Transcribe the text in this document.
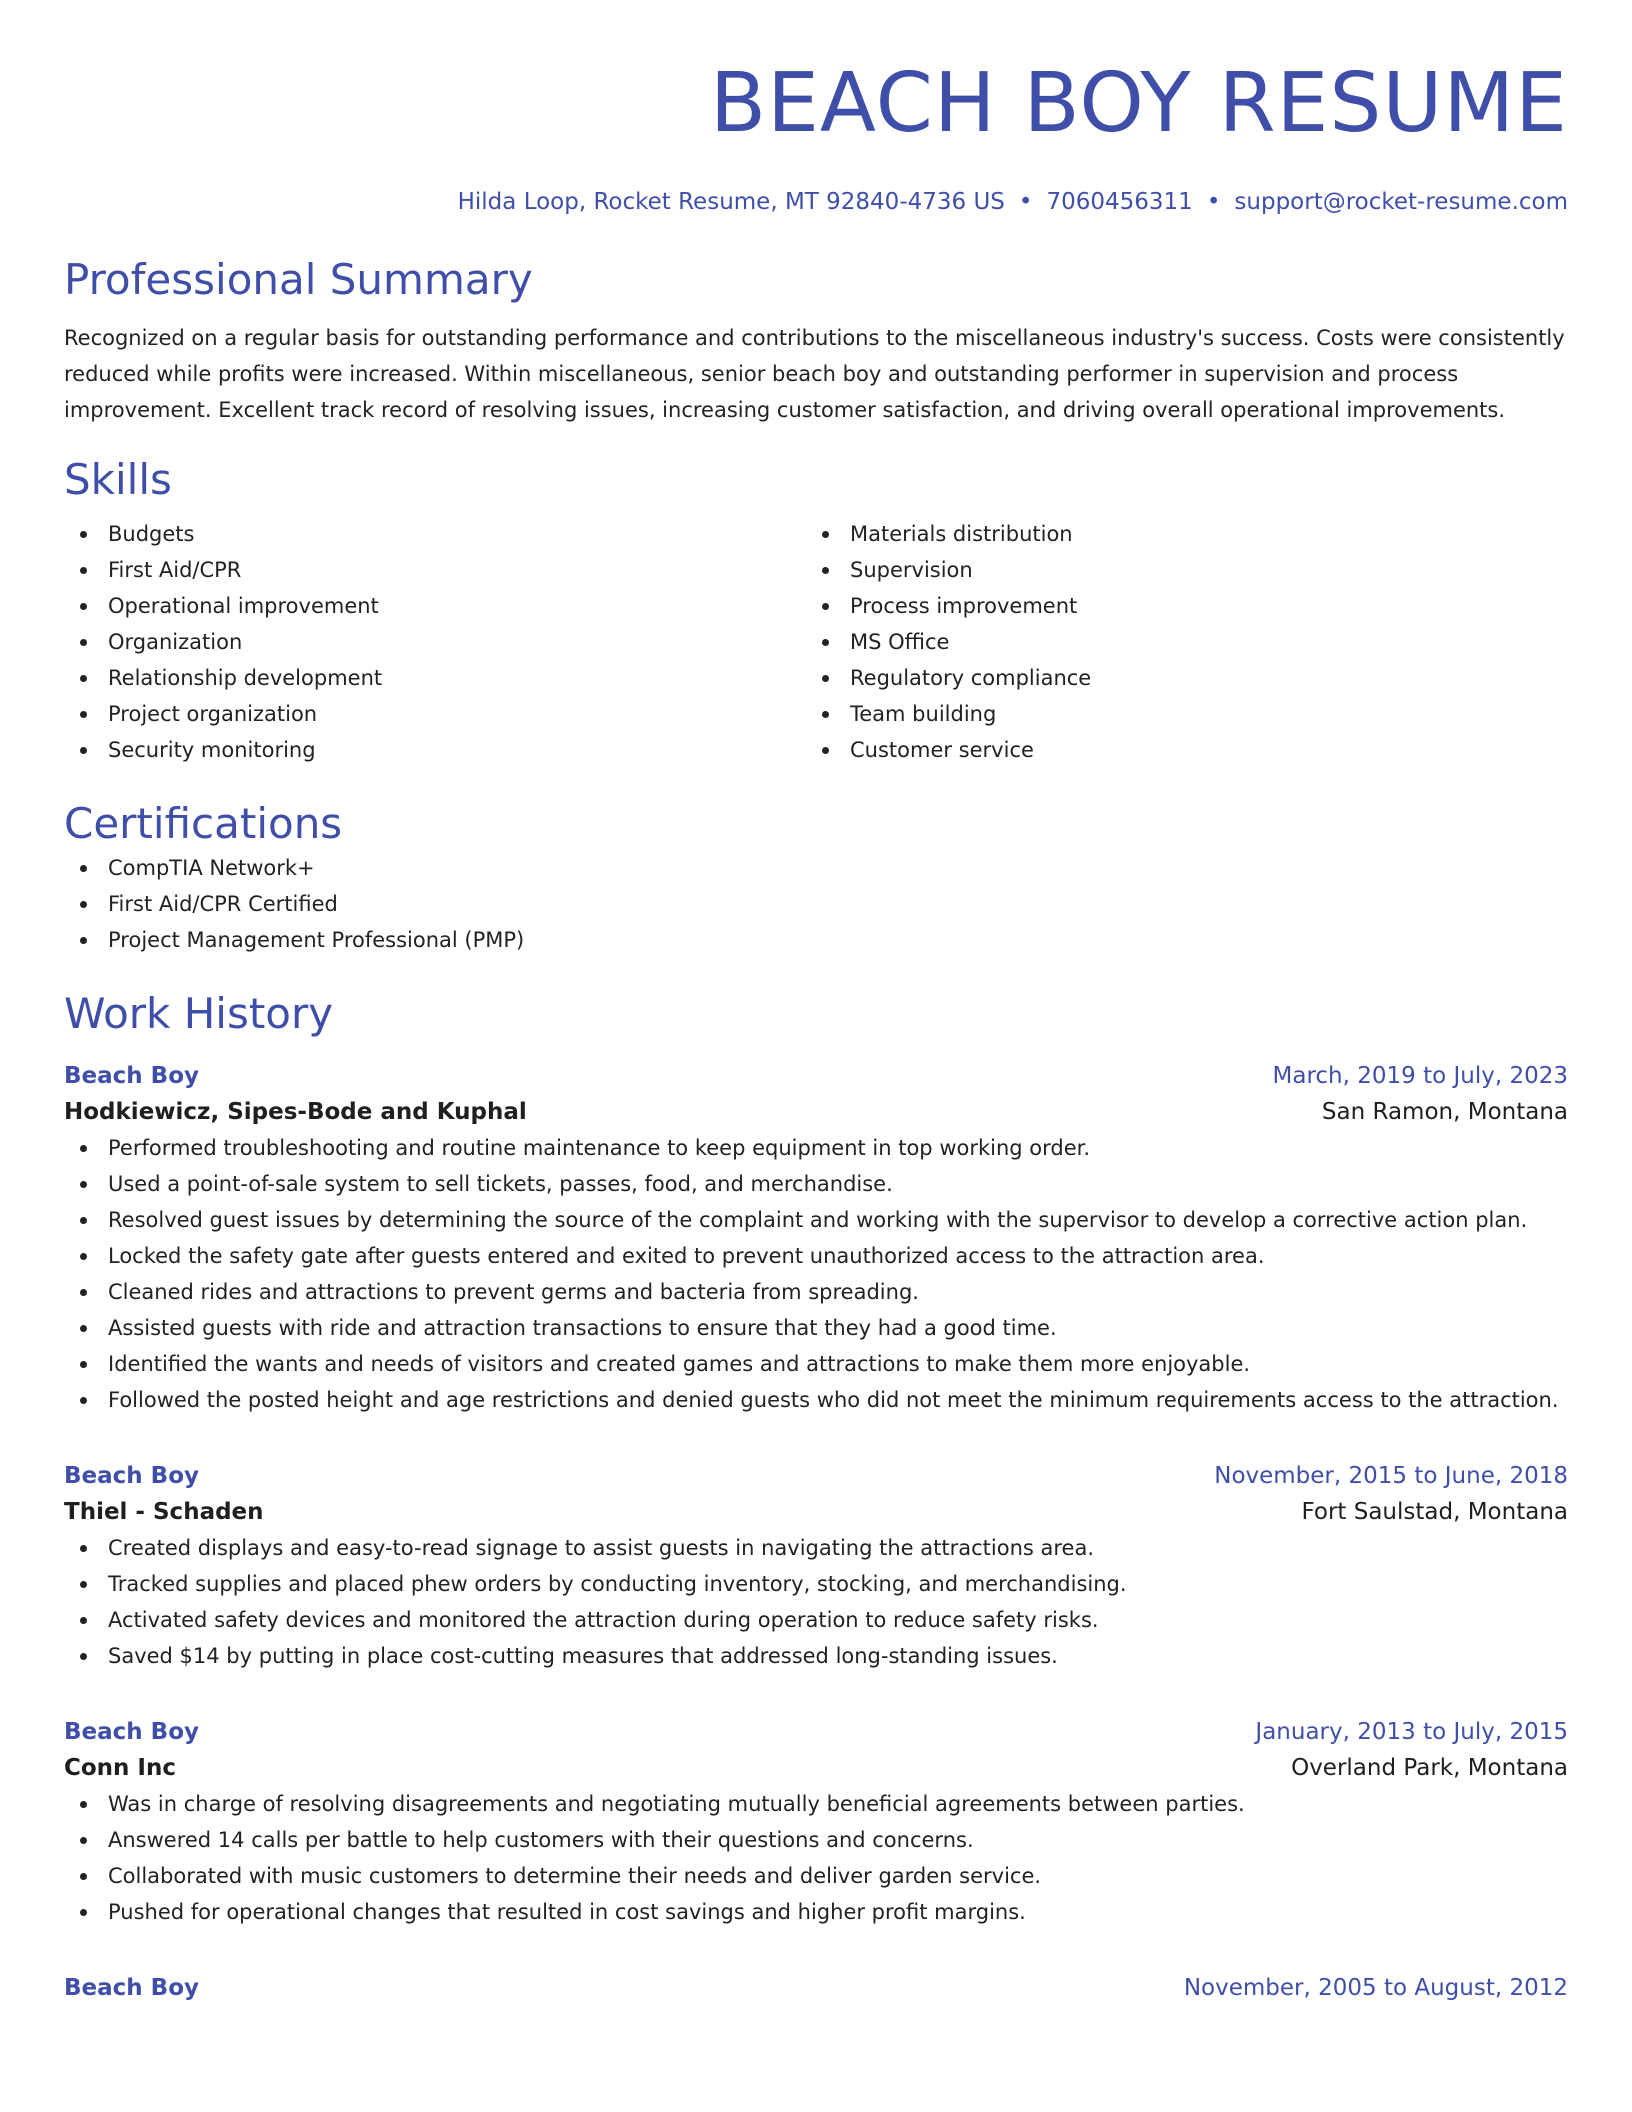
BEACH BOY RESUME
Hilda Loop, Rocket Resume, MT 92840-4736 US • 7060456311 • support@rocket-resume.com
Professional Summary
Recognized on a regular basis for outstanding performance and contributions to the miscellaneous industry's success. Costs were consistently reduced while profits were increased. Within miscellaneous, senior beach boy and outstanding performer in supervision and process improvement. Excellent track record of resolving issues, increasing customer satisfaction, and driving overall operational improvements.
Skills
Budgets
First Aid/CPR
Operational improvement
Organization
Relationship development
Project organization
Security monitoring
Materials distribution
Supervision
Process improvement
MS Office
Regulatory compliance
Team building
Customer service
Certifications
CompTIA Network+
First Aid/CPR Certified
Project Management Professional (PMP)
Work History
Beach Boy	March, 2019 to July, 2023
Hodkiewicz, Sipes-Bode and Kuphal	San Ramon, Montana
Performed troubleshooting and routine maintenance to keep equipment in top working order.
Used a point-of-sale system to sell tickets, passes, food, and merchandise.
Resolved guest issues by determining the source of the complaint and working with the supervisor to develop a corrective action plan.
Locked the safety gate after guests entered and exited to prevent unauthorized access to the attraction area.
Cleaned rides and attractions to prevent germs and bacteria from spreading.
Assisted guests with ride and attraction transactions to ensure that they had a good time.
Identified the wants and needs of visitors and created games and attractions to make them more enjoyable.
Followed the posted height and age restrictions and denied guests who did not meet the minimum requirements access to the attraction.
Beach Boy	November, 2015 to June, 2018
Thiel - Schaden	Fort Saulstad, Montana
Created displays and easy-to-read signage to assist guests in navigating the attractions area.
Tracked supplies and placed phew orders by conducting inventory, stocking, and merchandising.
Activated safety devices and monitored the attraction during operation to reduce safety risks.
Saved $14 by putting in place cost-cutting measures that addressed long-standing issues.
Beach Boy	January, 2013 to July, 2015
Conn Inc	Overland Park, Montana
Was in charge of resolving disagreements and negotiating mutually beneficial agreements between parties.
Answered 14 calls per battle to help customers with their questions and concerns.
Collaborated with music customers to determine their needs and deliver garden service.
Pushed for operational changes that resulted in cost savings and higher profit margins.
Beach Boy	November, 2005 to August, 2012
